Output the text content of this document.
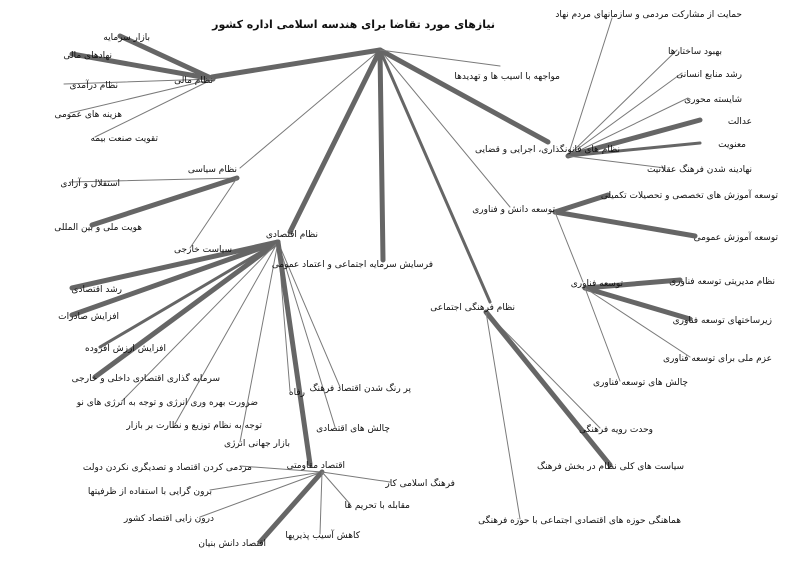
نیازهای مورد تقاضا برای هندسه اسلامی اداره کشور
نظام مالی
بازار سرمایه
نهادهای مالی
نظام درآمدی
هزینه های عمومی
تقویت صنعت بیمه
مواجهه با اسیب ها و تهدیدها
نظام های قانونگذاری، اجرایی و قضایی
حمایت از مشارکت مردمی و سازمانهای مردم نهاد
بهبود ساختارها
رشد منابع انسانی
شایسته محوری
عدالت
معنویت
نهادینه شدن فرهنگ عقلانیت
نظام سیاسی
استقلال و آزادی
هویت ملی و بین المللی
سیاست خارجی
توسعه دانش و فناوری
توسعه آموزش های تخصصی و تحصیلات تکمیلی
توسعه آموزش عمومی
توسعه فناوری	نظام مدیریتی توسعه فناوری
زیرساختهای توسعه فناوری
عزم ملی برای توسعه فناوری
چالش های توسعه فناوری
فرسایش سرمایه اجتماعی و اعتماد عمومی
نظام اقتصادی
رشد اقتصادی
افزایش صادرات
افزایش ارزش افزوده
سرمایه گذاری اقتصادی داخلی و خارجی
ضرورت بهره وری انرژی و توجه به انرژی های نو
توجه به نظام توزیع و نظارت بر بازار
رفاه
بازار جهانی انرژی
چالش های اقتصادی
پر رنگ شدن اقتصاد فرهنگ
نظام فرهنگی اجتماعی
وحدت رویه فرهنگی
سیاست های کلی نظام در بخش فرهنگ
هماهنگی حوزه های اقتصادی اجتماعی با حوزه فرهنگی
فرهنگ اسلامی کار
اقتصاد مقاومتی
مردمی کردن اقتصاد و تصدیگری نکردن دولت
برون گرایی با استفاده از ظرفیتها
درون زایی اقتصاد کشور
اقتصاد دانش بنیان
کاهش آسیب پذیریها
مقابله با تحریم ها
